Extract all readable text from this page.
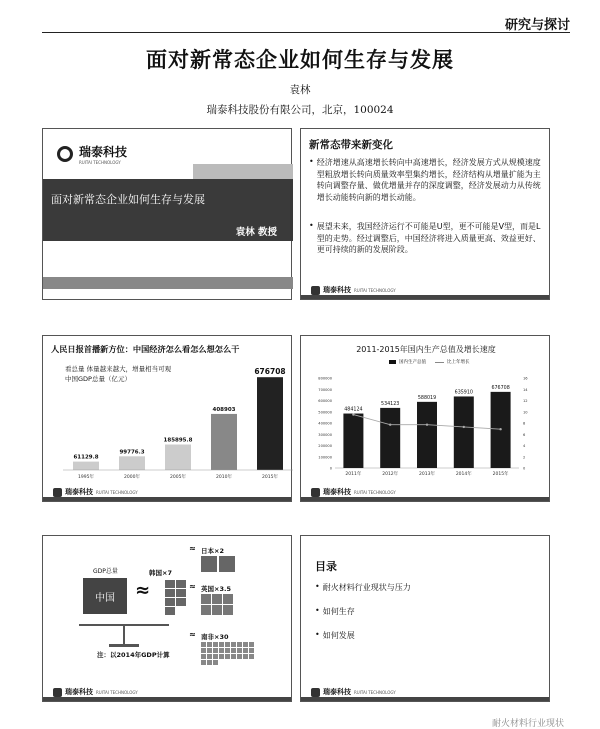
研究与探讨
面对新常态企业如何生存与发展
袁林
瑞泰科技股份有限公司，北京，100024
瑞泰科技
RUITAI TECHNOLOGY
面对新常态企业如何生存与发展
袁林 教授
新常态带来新变化
• 经济增速从高速增长转向中高速增长，经济发展方式从规模速度型粗放增长转向质量效率型集约增长，经济结构从增量扩能为主转向调整存量、做优增量并存的深度调整，经济发展动力从传统增长动能转向新的增长动能。

• 展望未来，我国经济运行不可能是U型，更不可能是V型，而是L型的走势。经过调整后，中国经济将进入质量更高、效益更好、更可持续的新的发展阶段。

瑞泰科技 RUITAI TECHNOLOGY
人民日报首播新方位：中国经济怎么看怎么想怎么干
看总量 体量越来越大，增量相当可观
中国GDP总量（亿元）
61129.8
1995年
99776.3
2000年
185895.8
2005年
408903
2010年
676708
2015年
瑞泰科技 RUITAI TECHNOLOGY
2011-2015年国内生产总值及增长速度
国内生产总值	比上年增长
0
100000
200000
300000
400000
500000
600000
700000
800000
0
2
4
6
8
10
12
14
16
484124
2011年
534123
2012年
588019
2013年
635910
2014年
676708
2015年
瑞泰科技 RUITAI TECHNOLOGY
GDP总量
中国 ≈
韩国×7
≈ 日本×2
≈ 英国×3.5
≈ 南非×30
注：以2014年GDP计算
瑞泰科技 RUITAI TECHNOLOGY
目录
• 耐火材料行业现状与压力
• 如何生存
• 如何发展
瑞泰科技 RUITAI TECHNOLOGY
耐火材料行业现状
